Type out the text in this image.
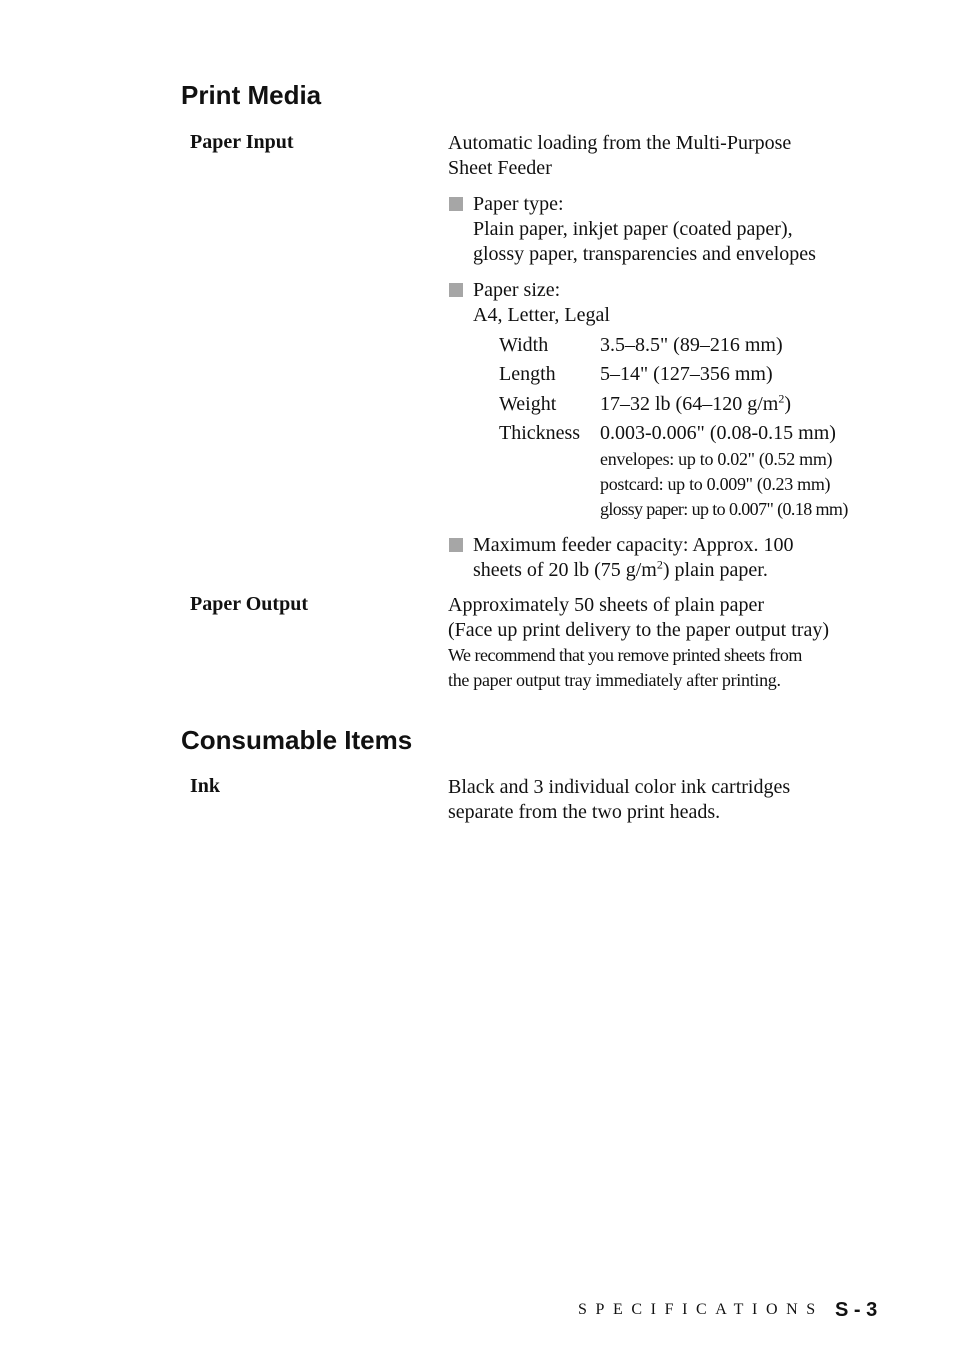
Print Media
Paper Input	Automatic loading from the Multi-Purpose
Sheet Feeder
Paper type:
Plain paper, inkjet paper (coated paper),
glossy paper, transparencies and envelopes
Paper size:
A4, Letter, Legal
Width	3.5–8.5" (89–216 mm)
Length 5–14" (127–356 mm)
Weight 17–32 lb (64–120 $g/m^2$)
Thickness 0.003-0.006" (0.08-0.15 mm)
envelopes: up to 0.02" (0.52 mm)
postcard: up to 0.009" (0.23 mm)
glossy paper: up to 0.007" (0.18 mm)
Maximum feeder capacity: Approx. 100
sheets of 20 lb (75 $g/m^2$) plain paper.
Paper Output	Approximately 50 sheets of plain paper
(Face up print delivery to the paper output tray)
We recommend that you remove printed sheets from
the paper output tray immediately after printing.
Consumable Items
Ink	Black and 3 individual color ink cartridges
separate from the two print heads.
SPECIFICATIONS S - 3
